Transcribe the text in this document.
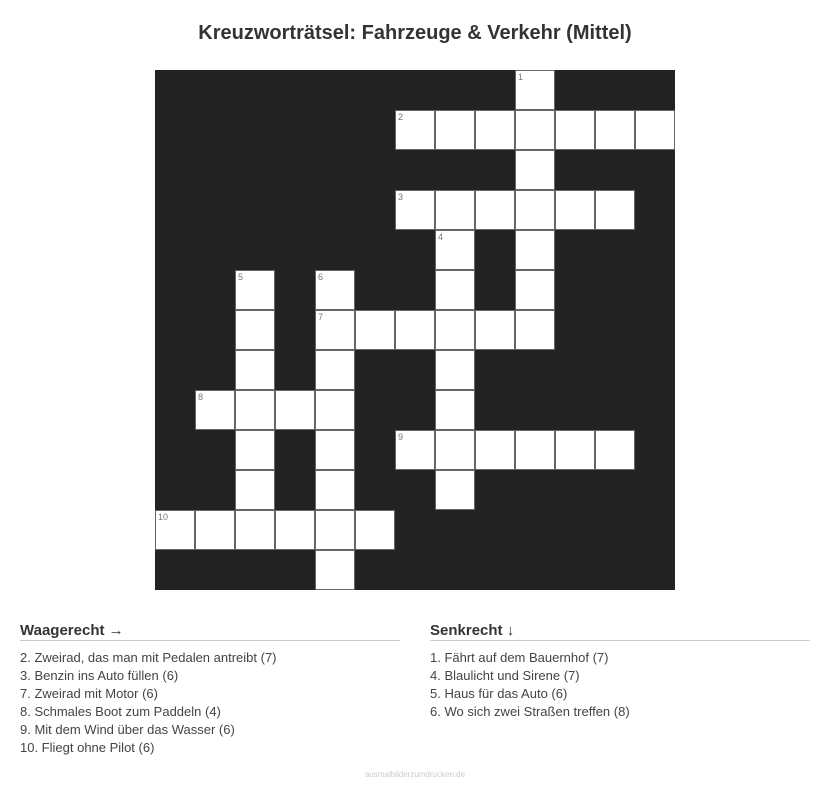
Kreuzworträtsel: Fahrzeuge & Verkehr (Mittel)
1
2
3
4
5	6
7
8
9
10
Waagerecht →
2. Zweirad, das man mit Pedalen antreibt (7)
3. Benzin ins Auto füllen (6)
7. Zweirad mit Motor (6)
8. Schmales Boot zum Paddeln (4)
9. Mit dem Wind über das Wasser (6)
10. Fliegt ohne Pilot (6)
Senkrecht ↓
1. Fährt auf dem Bauernhof (7)
4. Blaulicht und Sirene (7)
5. Haus für das Auto (6)
6. Wo sich zwei Straßen treffen (8)
ausmalbilderzumdrucken.de
